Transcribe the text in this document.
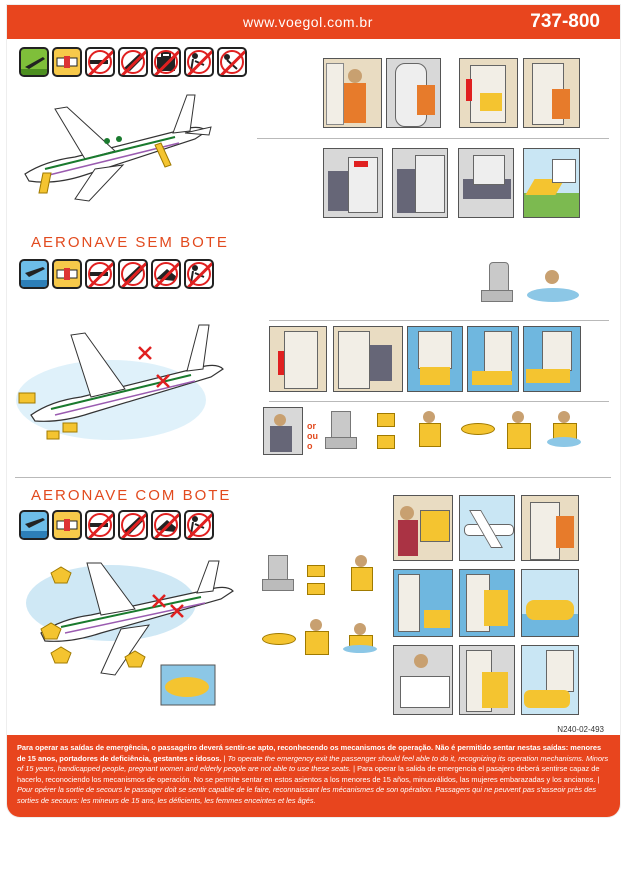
www.voegol.com.br	737-800
AERONAVE SEM BOTE
or
ou
o
AERONAVE COM BOTE
N240-02-493
Para operar as saídas de emergência, o passageiro deverá sentir-se apto, reconhecendo os mecanismos de operação. Não é permitido sentar nestas saídas: menores de 15 anos, portadores de deficiência, gestantes e idosos. | To operate the emergency exit the passenger should feel able to do it, recognizing its operation mechanisms. Minors of 15 years, handicapped people, pregnant women and elderly people are not able to use these seats. | Para operar la salida de emergencia el pasajero deberá sentirse capaz de hacerlo, reconociendo los mecanismos de operación. No se permite sentar en estos asientos a los menores de 15 años, minusválidos, las mujeres embarazadas y los ancianos. | Pour opérer la sortie de secours le passager doit se sentir capable de le faire, reconnaissant les mécanismes de son opération. Passagers qui ne peuvent pas s'asseoir près des sorties de secours: les mineurs de 15 ans, les déficients, les femmes enceintes et les âgés.
